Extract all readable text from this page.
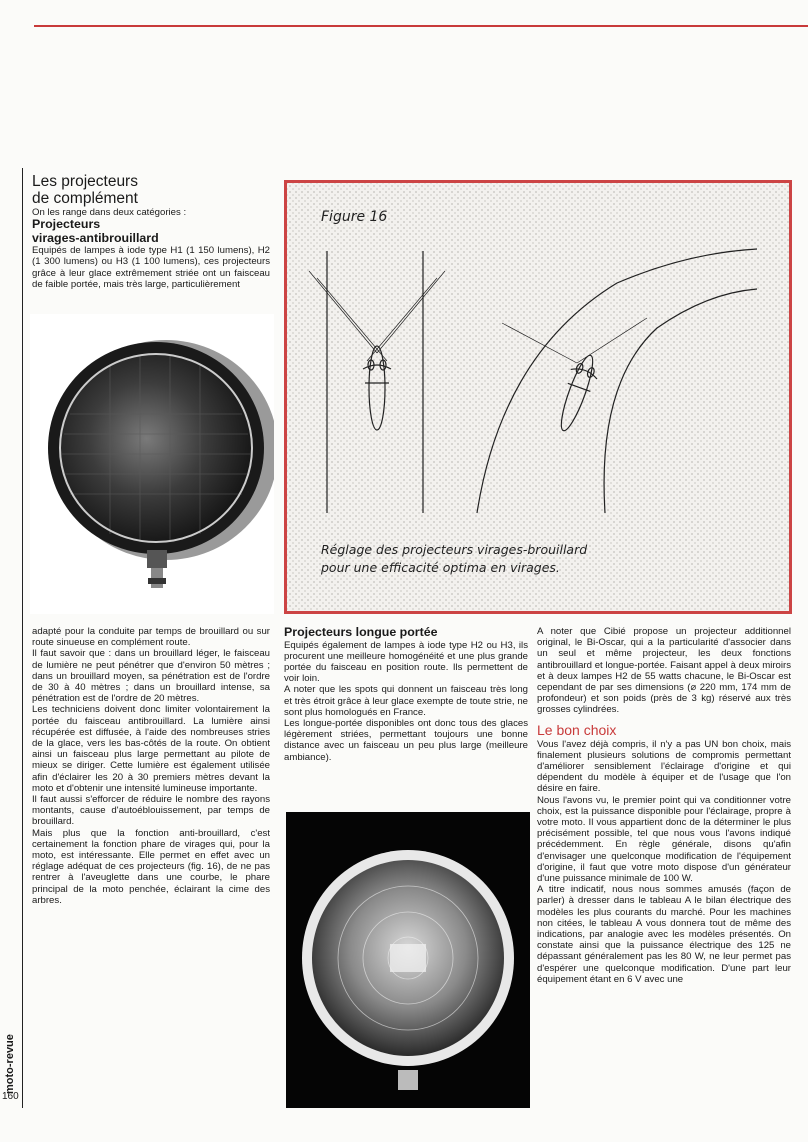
Les projecteurs
de complément

On les range dans deux catégories :

Projecteurs
virages-antibrouillard

Equipés de lampes à iode type H1 (1 150 lumens), H2 (1 300 lumens) ou H3 (1 100 lumens), ces projecteurs grâce à leur glace extrêmement striée ont un faisceau de faible portée, mais très large, particulièrement

adapté pour la conduite par temps de brouillard ou sur route sinueuse en complément route.

Il faut savoir que : dans un brouillard léger, le faisceau de lumière ne peut pénétrer que d'environ 50 mètres ; dans un brouillard moyen, sa pénétration est de l'ordre de 30 à 40 mètres ; dans un brouillard intense, sa pénétration est de l'ordre de 20 mètres.

Les techniciens doivent donc limiter volontairement la portée du faisceau antibrouillard. La lumière ainsi récupérée est diffusée, à l'aide des nombreuses stries de la glace, vers les bas-côtés de la route. On obtient ainsi un faisceau plus large permettant au pilote de mieux se diriger. Cette lumière est également utilisée afin d'éclairer les 20 à 30 premiers mètres devant la moto et d'obtenir une intensité lumineuse importante.

Il faut aussi s'efforcer de réduire le nombre des rayons montants, cause d'autoéblouissement, par temps de brouillard.

Mais plus que la fonction anti-brouillard, c'est certainement la fonction phare de virages qui, pour la moto, est intéressante. Elle permet en effet avec un réglage adéquat de ces projecteurs (fig. 16), de ne pas rentrer à l'aveuglette dans une courbe, le phare principal de la moto penchée, éclairant la cime des arbres.

Figure 16
Réglage des projecteurs virages-brouillard
pour une efficacité optima en virages.
Projecteurs longue portée

Equipés également de lampes à iode type H2 ou H3, ils procurent une meilleure homogénéité et une plus grande portée du faisceau en position route. Ils permettent de voir loin.

A noter que les spots qui donnent un faisceau très long et très étroit grâce à leur glace exempte de toute strie, ne sont plus homologués en France.

Les longue-portée disponibles ont donc tous des glaces légèrement striées, permettant toujours une bonne distance avec un faisceau un peu plus large (meilleure ambiance).

A noter que Cibié propose un projecteur additionnel original, le Bi-Oscar, qui a la particularité d'associer dans un seul et même projecteur, les deux fonctions antibrouillard et longue-portée. Faisant appel à deux miroirs et à deux lampes H2 de 55 watts chacune, le Bi-Oscar est cependant de par ses dimensions (⌀ 220 mm, 174 mm de profondeur) et son poids (près de 3 kg) réservé aux très grosses cylindrées.

Le bon choix

Vous l'avez déjà compris, il n'y a pas UN bon choix, mais finalement plusieurs solutions de compromis permettant d'améliorer sensiblement l'éclairage d'origine et qui dépendent du modèle à équiper et de l'usage que l'on désire en faire.

Nous l'avons vu, le premier point qui va conditionner votre choix, est la puissance disponible pour l'éclairage, propre à votre moto. Il vous appartient donc de la déterminer le plus précisément possible, tel que nous vous l'avons indiqué précédemment. En règle générale, disons qu'afin d'envisager une quelconque modification de l'équipement d'origine, il faut que votre moto dispose d'un générateur d'une puissance minimale de 100 W.

A titre indicatif, nous nous sommes amusés (façon de parler) à dresser dans le tableau A le bilan électrique des modèles les plus courants du marché. Pour les machines non citées, le tableau A vous donnera tout de même des indications, par analogie avec les modèles présentés. On constate ainsi que la puissance électrique des 125 ne dépassant généralement pas les 80 W, ne leur permet pas d'espérer une quelconque modification. D'une part leur équipement étant en 6 V avec une

moto-revue
160
